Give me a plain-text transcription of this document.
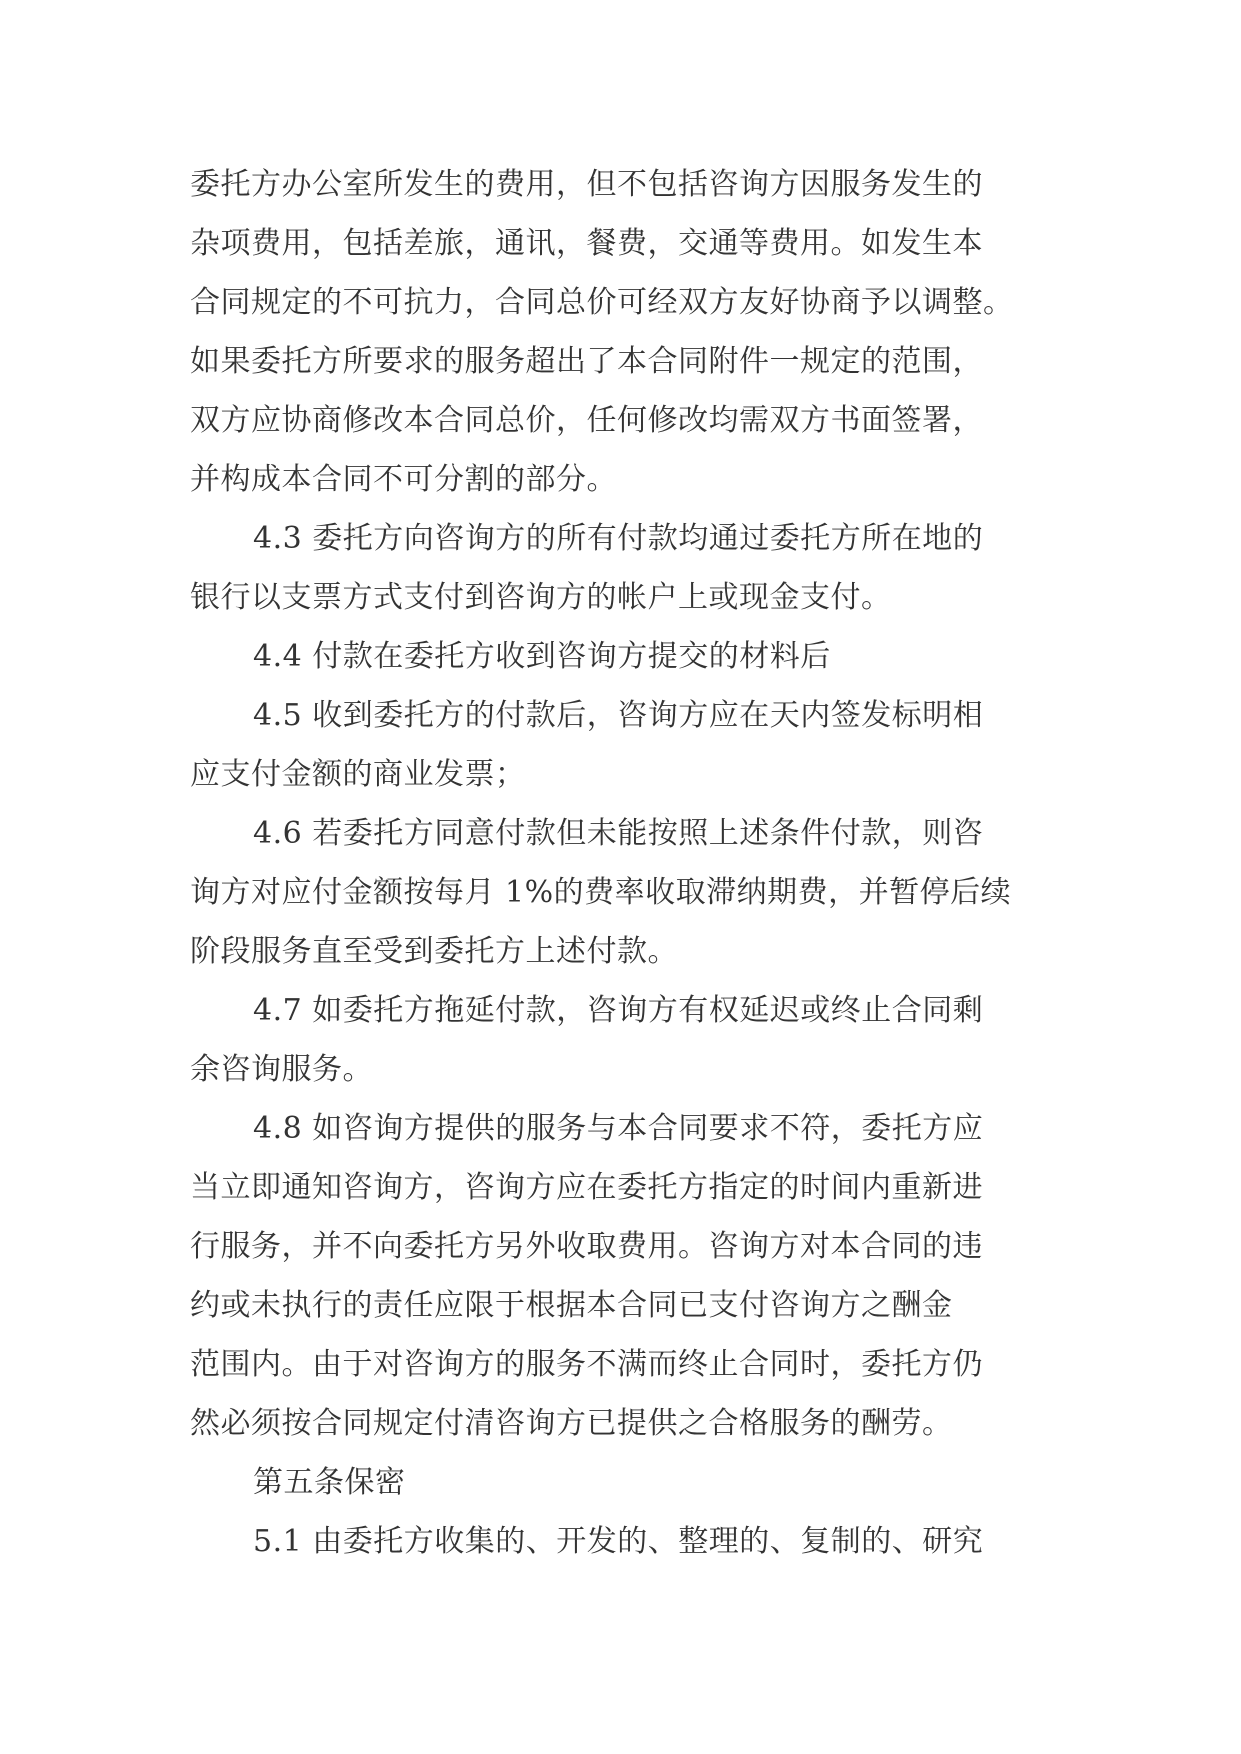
委托方办公室所发生的费用，但不包括咨询方因服务发生的
杂项费用，包括差旅，通讯，餐费，交通等费用。如发生本
合同规定的不可抗力，合同总价可经双方友好协商予以调整。
如果委托方所要求的服务超出了本合同附件一规定的范围，
双方应协商修改本合同总价，任何修改均需双方书面签署，
并构成本合同不可分割的部分。
4.3 委托方向咨询方的所有付款均通过委托方所在地的
银行以支票方式支付到咨询方的帐户上或现金支付。
4.4 付款在委托方收到咨询方提交的材料后
4.5 收到委托方的付款后，咨询方应在天内签发标明相
应支付金额的商业发票；
4.6 若委托方同意付款但未能按照上述条件付款，则咨
询方对应付金额按每月 1%的费率收取滞纳期费，并暂停后续
阶段服务直至受到委托方上述付款。
4.7 如委托方拖延付款，咨询方有权延迟或终止合同剩
余咨询服务。
4.8 如咨询方提供的服务与本合同要求不符，委托方应
当立即通知咨询方，咨询方应在委托方指定的时间内重新进
行服务，并不向委托方另外收取费用。咨询方对本合同的违
约或未执行的责任应限于根据本合同已支付咨询方之酬金
范围内。由于对咨询方的服务不满而终止合同时，委托方仍
然必须按合同规定付清咨询方已提供之合格服务的酬劳。
第五条保密
5.1 由委托方收集的、开发的、整理的、复制的、研究
